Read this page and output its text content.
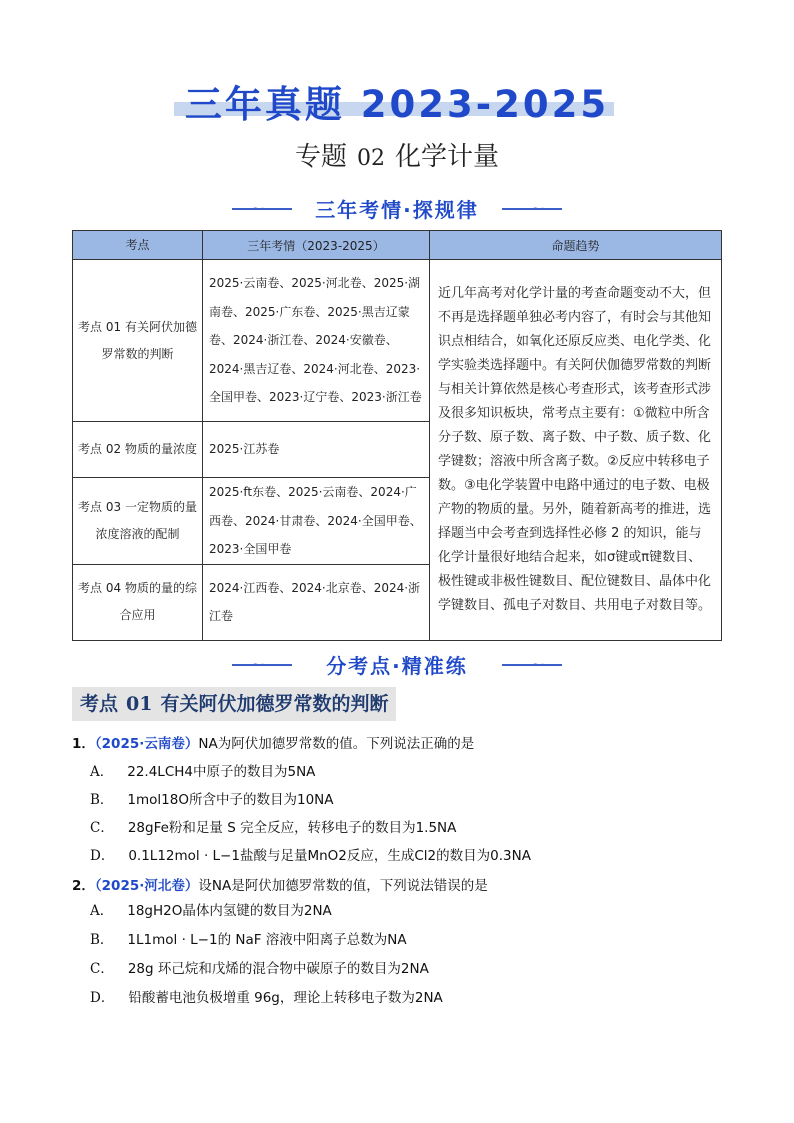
三年真题 2023-2025
专题 02 化学计量
~	~
三年考情·探规律
考点	三年考情（2023-2025）	命题趋势
考点 01 有关阿伏加德罗常数的判断	2025·云南卷、2025·河北卷、2025·湖南卷、2025·广东卷、2025·黑吉辽蒙卷、2024·浙江卷、2024·安徽卷、2024·黑吉辽卷、2024·河北卷、2023·全国甲卷、2023·辽宁卷、2023·浙江卷	近几年高考对化学计量的考查命题变动不大，但不再是选择题单独必考内容了，有时会与其他知识点相结合，如氧化还原反应类、电化学类、化学实验类选择题中。有关阿伏伽德罗常数的判断与相关计算依然是核心考查形式，该考查形式涉及很多知识板块，常考点主要有：①微粒中所含分子数、原子数、离子数、中子数、质子数、化学键数；溶液中所含离子数。②反应中转移电子数。③电化学装置中电路中通过的电子数、电极产物的物质的量。另外，随着新高考的推进，选择题当中会考查到选择性必修 2 的知识，能与化学计量很好地结合起来，如σ键或π键数目、极性键或非极性键数目、配位键数目、晶体中化学键数目、孤电子对数目、共用电子对数目等。
考点 02 物质的量浓度	2025·江苏卷	
考点 03 一定物质的量浓度溶液的配制	2025·ft东卷、2025·云南卷、2024·广西卷、2024·甘肃卷、2024·全国甲卷、2023·全国甲卷	
考点 04 物质的量的综合应用	2024·江西卷、2024·北京卷、2024·浙江卷	
~	~
分考点·精准练
考点 01 有关阿伏加德罗常数的判断
1．（2025·云南卷）NA为阿伏加德罗常数的值。下列说法正确的是
A． 22.4LCH4中原子的数目为5NA
B． 1mol18O所含中子的数目为10NA
C． 28gFe粉和足量 S 完全反应，转移电子的数目为1.5NA
D． 0.1L12mol · L−1盐酸与足量MnO2反应，生成Cl2的数目为0.3NA
2．（2025·河北卷）设NA是阿伏加德罗常数的值，下列说法错误的是
A． 18gH2O晶体内氢键的数目为2NA
B． 1L1mol · L−1的 NaF 溶液中阳离子总数为NA
C． 28g 环己烷和戊烯的混合物中碳原子的数目为2NA
D． 铅酸蓄电池负极增重 96g，理论上转移电子数为2NA
